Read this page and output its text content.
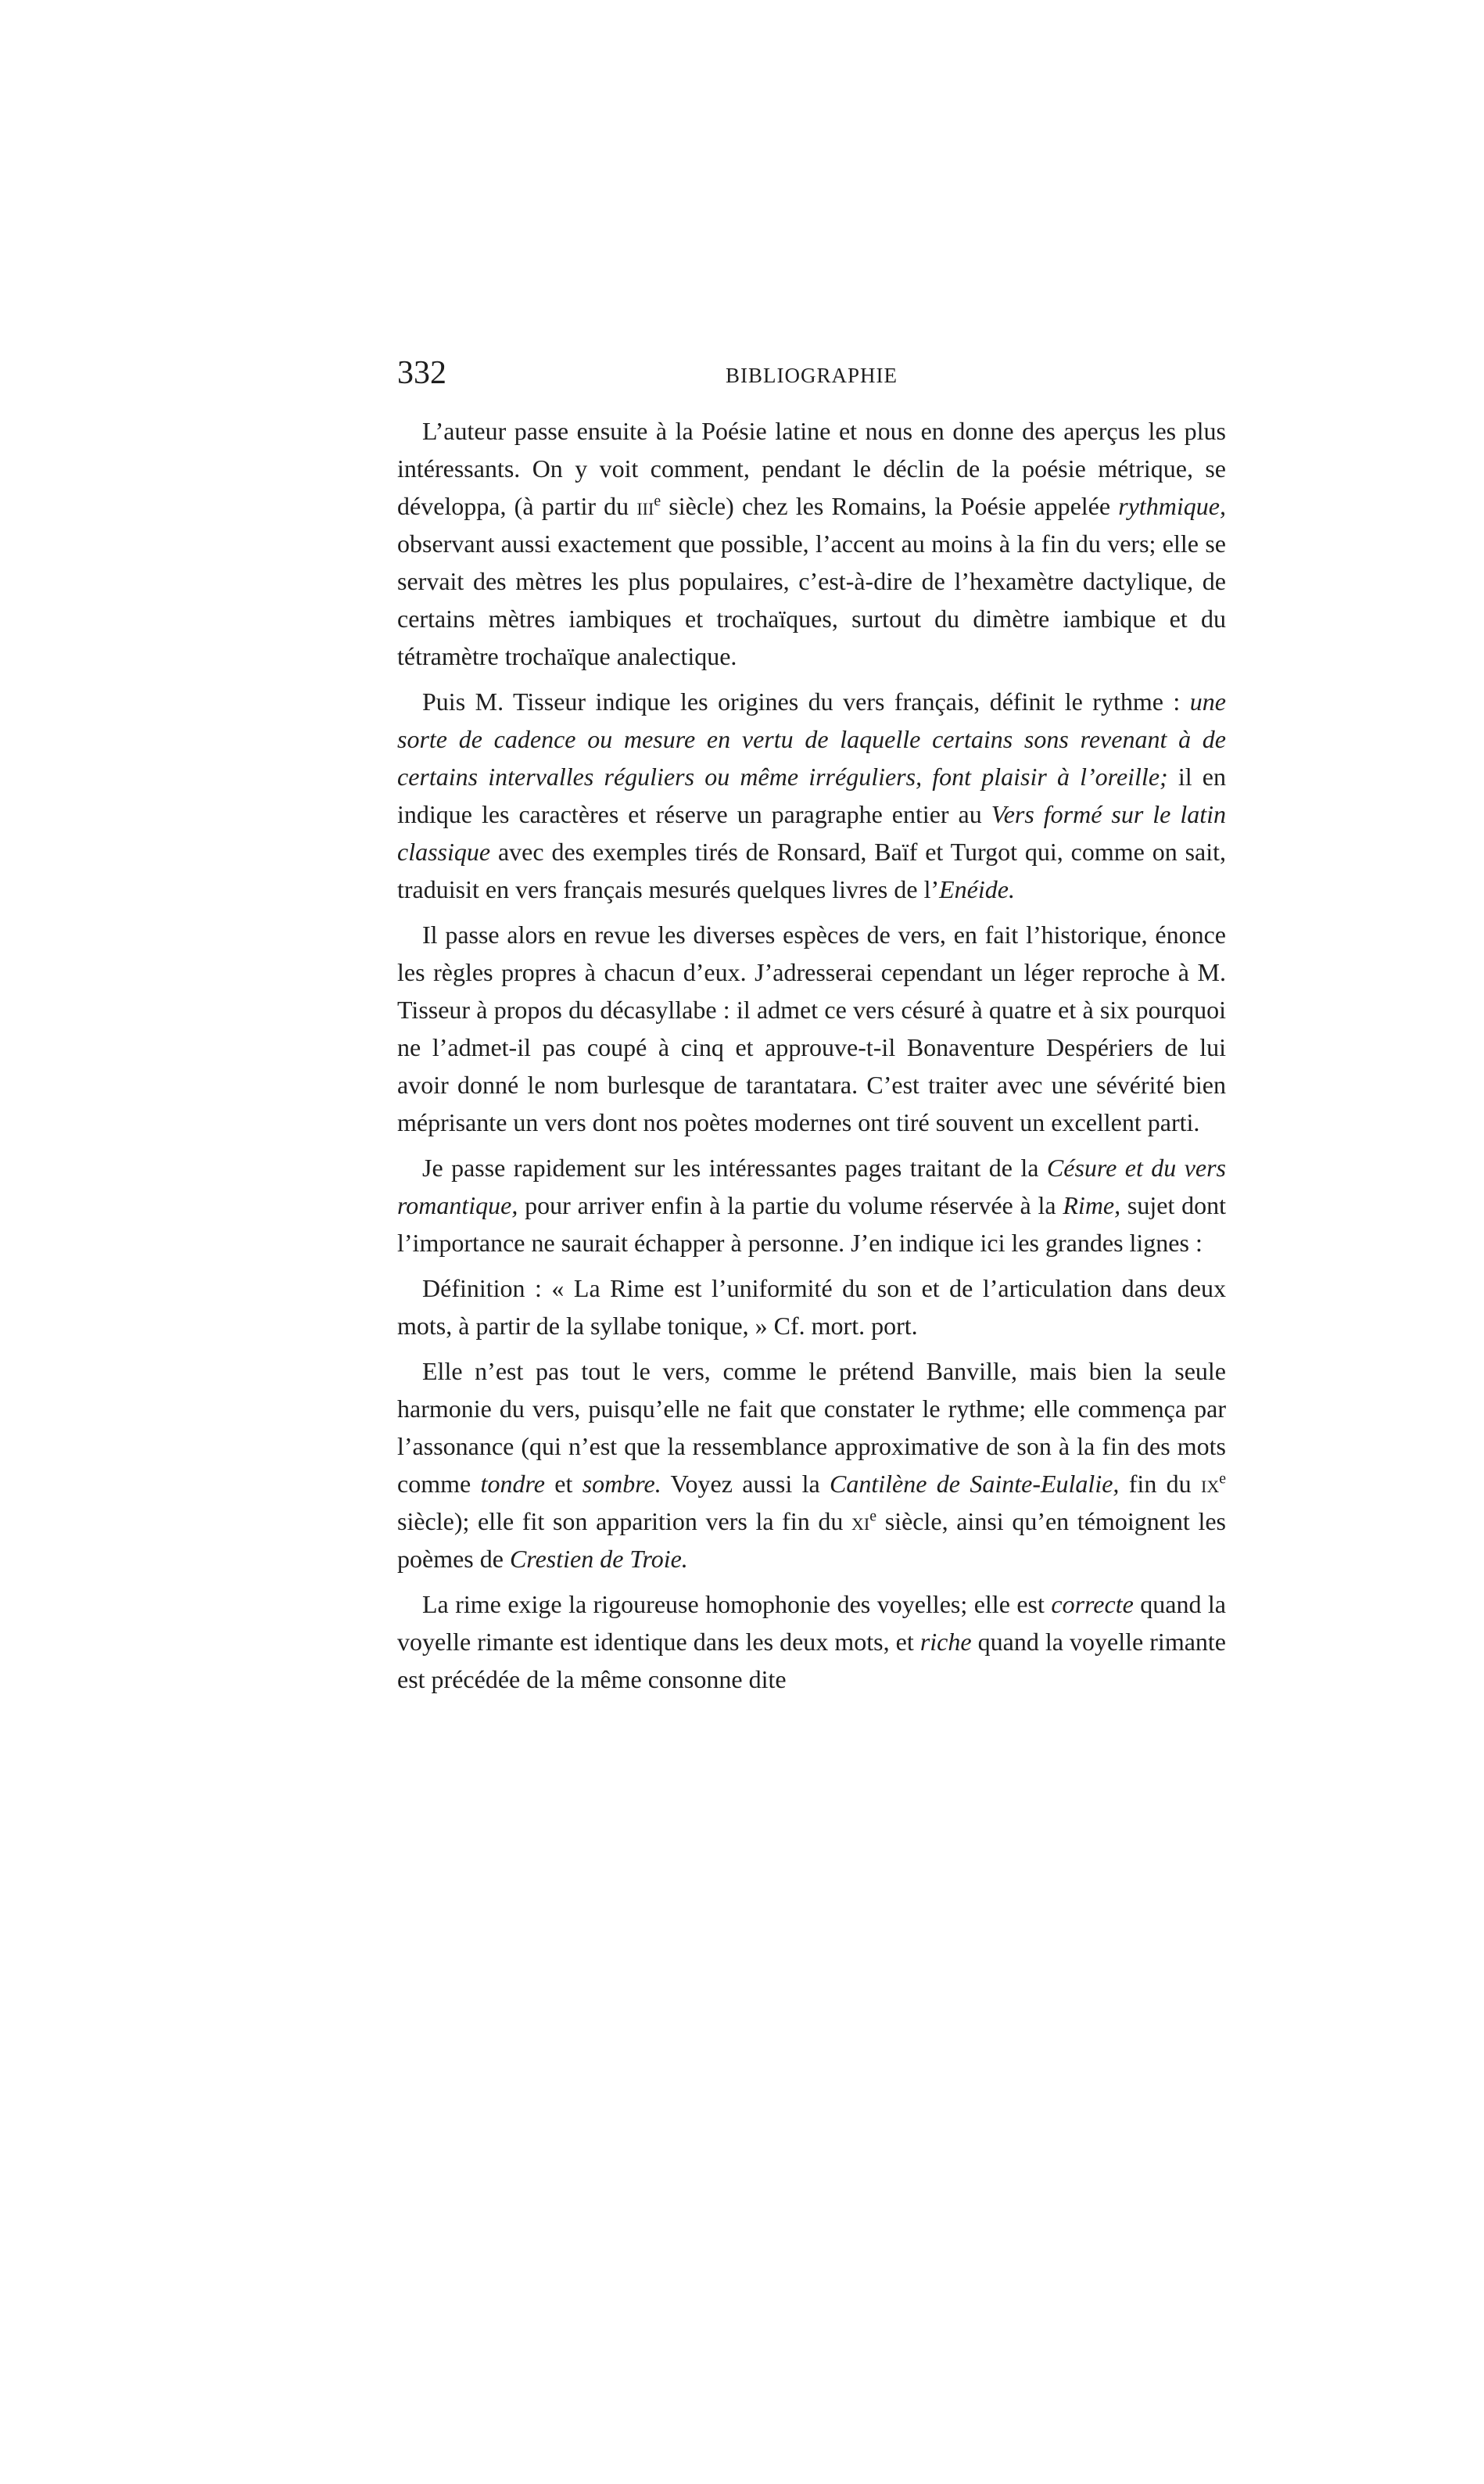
332	BIBLIOGRAPHIE

L’auteur passe ensuite à la Poésie latine et nous en donne des aperçus les plus intéressants. On y voit comment, pendant le déclin de la poésie métrique, se développa, (à partir du iii$^e$ siècle) chez les Romains, la Poésie appelée rythmique, observant aussi exactement que possible, l’accent au moins à la fin du vers; elle se servait des mètres les plus populaires, c’est-à-dire de l’hexamètre dactylique, de certains mètres iambiques et trochaïques, surtout du dimètre iambique et du tétramètre trochaïque analectique.

Puis M. Tisseur indique les origines du vers français, définit le rythme : une sorte de cadence ou mesure en vertu de laquelle certains sons revenant à de certains intervalles réguliers ou même irréguliers, font plaisir à l’oreille; il en indique les caractères et réserve un paragraphe entier au Vers formé sur le latin classique avec des exemples tirés de Ronsard, Baïf et Turgot qui, comme on sait, traduisit en vers français mesurés quelques livres de l’Enéide.

Il passe alors en revue les diverses espèces de vers, en fait l’historique, énonce les règles propres à chacun d’eux. J’adresserai cependant un léger reproche à M. Tisseur à propos du décasyllabe : il admet ce vers césuré à quatre et à six pourquoi ne l’admet-il pas coupé à cinq et approuve-t-il Bonaventure Despériers de lui avoir donné le nom burlesque de tarantatara. C’est traiter avec une sévérité bien méprisante un vers dont nos poètes modernes ont tiré souvent un excellent parti.

Je passe rapidement sur les intéressantes pages traitant de la Césure et du vers romantique, pour arriver enfin à la partie du volume réservée à la Rime, sujet dont l’importance ne saurait échapper à personne. J’en indique ici les grandes lignes :

Définition : « La Rime est l’uniformité du son et de l’articulation dans deux mots, à partir de la syllabe tonique, » Cf. mort. port.

Elle n’est pas tout le vers, comme le prétend Banville, mais bien la seule harmonie du vers, puisqu’elle ne fait que constater le rythme; elle commença par l’assonance (qui n’est que la ressemblance approximative de son à la fin des mots comme tondre et sombre. Voyez aussi la Cantilène de Sainte-Eulalie, fin du $ix^e$ siècle); elle fit son apparition vers la fin du $xi^e$ siècle, ainsi qu’en témoignent les poèmes de Crestien de Troie.

La rime exige la rigoureuse homophonie des voyelles; elle est correcte quand la voyelle rimante est identique dans les deux mots, et riche quand la voyelle rimante est précédée de la même consonne dite
